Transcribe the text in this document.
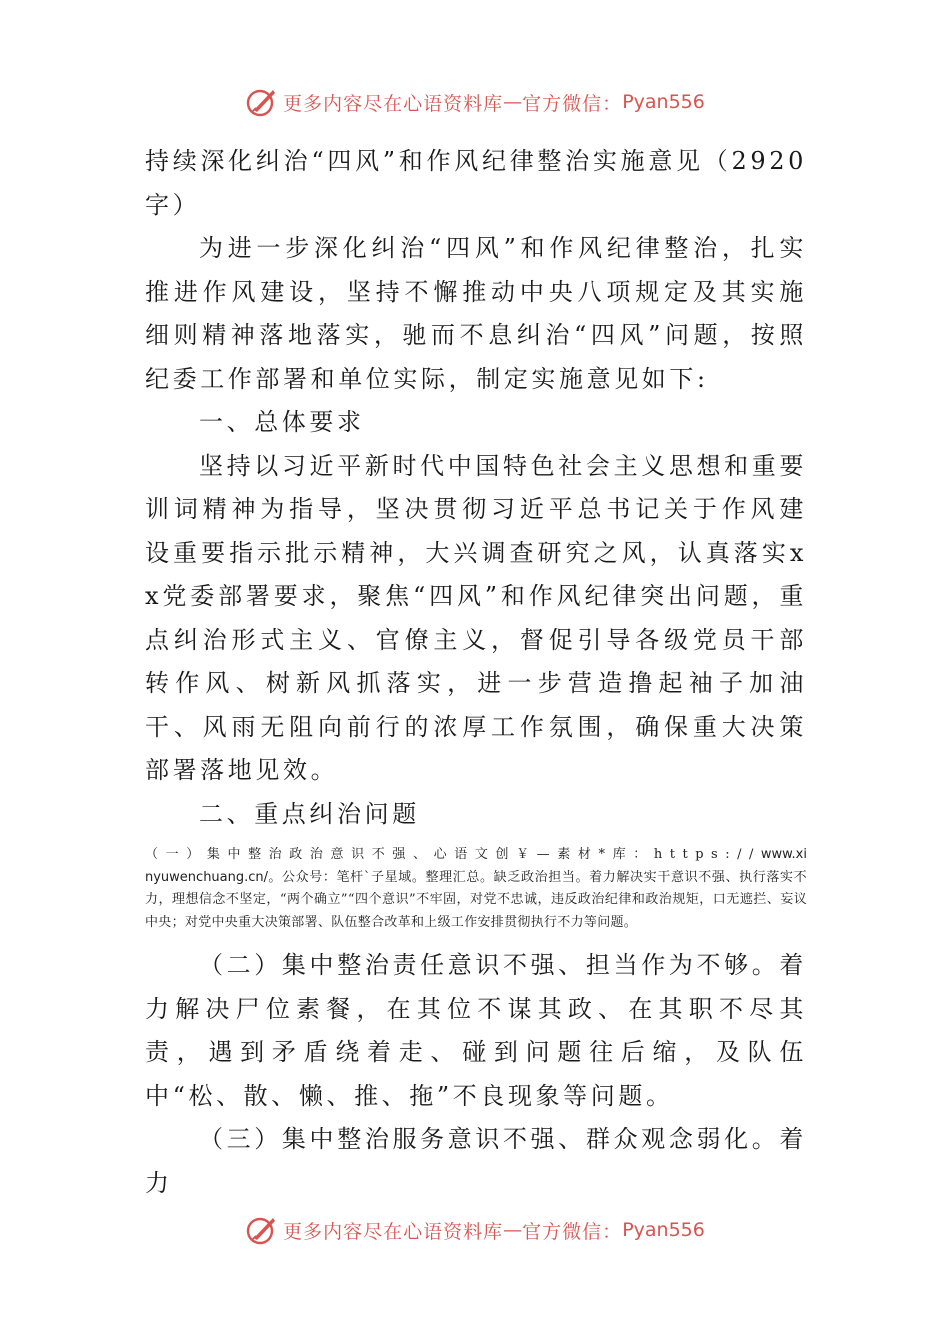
更多内容尽在心语资料库 — 官方微信： Pyan556

持续深化纠治“四风”和作风纪律整治实施意见（2920字）

为进一步深化纠治“四风”和作风纪律整治，扎实推进作风建设，坚持不懈推动中央八项规定及其实施细则精神落地落实，驰而不息纠治“四风”问题，按照纪委工作部署和单位实际，制定实施意见如下:

一、总体要求

坚持以习近平新时代中国特色社会主义思想和重要训词精神为指导，坚决贯彻习近平总书记关于作风建设重要指示批示精神，大兴调查研究之风，认真落实xx党委部署要求，聚焦“四风”和作风纪律突出问题，重点纠治形式主义、官僚主义，督促引导各级党员干部转作风、树新风抓落实，进一步营造撸起袖子加油干、风雨无阻向前行的浓厚工作氛围，确保重大决策部署落地见效。

二、重点纠治问题

（一）集中整治政治意识不强、心语文创￥—素材*库：https://www.xinyuwenchuang.cn/。公众号：笔杆`子星域。整理汇总。缺乏政治担当。着力解决实干意识不强、执行落实不力，理想信念不坚定，“两个确立”“四个意识”不牢固，对党不忠诚，违反政治纪律和政治规矩，口无遮拦、妄议中央；对党中央重大决策部署、队伍整合改革和上级工作安排贯彻执行不力等问题。

（二）集中整治责任意识不强、担当作为不够。着力解决尸位素餐，在其位不谋其政、在其职不尽其责，遇到矛盾绕着走、碰到问题往后缩，及队伍中“松、散、懒、推、拖”不良现象等问题。

（三）集中整治服务意识不强、群众观念弱化。着力

更多内容尽在心语资料库 — 官方微信： Pyan556
